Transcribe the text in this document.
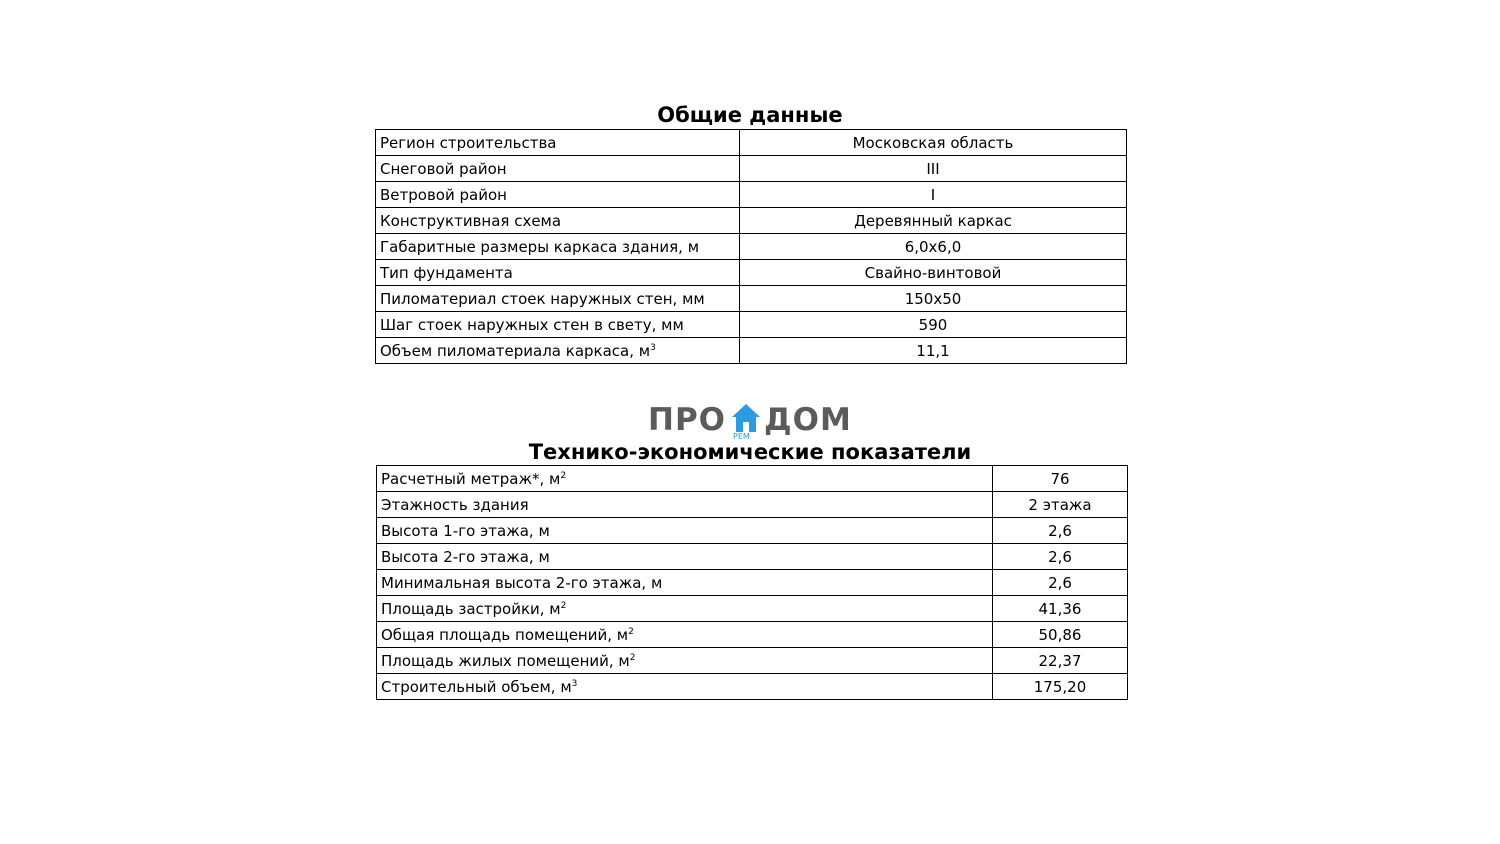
Общие данные
Регион строительства	Московская область
Снеговой район	III
Ветровой район	I
Конструктивная схема	Деревянный каркас
Габаритные размеры каркаса здания, м	6,0х6,0
Тип фундамента	Свайно-винтовой
Пиломатериал стоек наружных стен, мм	150х50
Шаг стоек наружных стен в свету, мм	590
Объем пиломатериала каркаса, $м^3$	11,1
ПРО РЕМ ДОМ
Технико-экономические показатели
Расчетный метраж*, $м^2$	76
Этажность здания	2 этажа
Высота 1-го этажа, м	2,6
Высота 2-го этажа, м	2,6
Минимальная высота 2-го этажа, м	2,6
Площадь застройки, $м^2$	41,36
Общая площадь помещений, $м^2$	50,86
Площадь жилых помещений, $м^2$	22,37
Строительный объем, $м^3$	175,20
